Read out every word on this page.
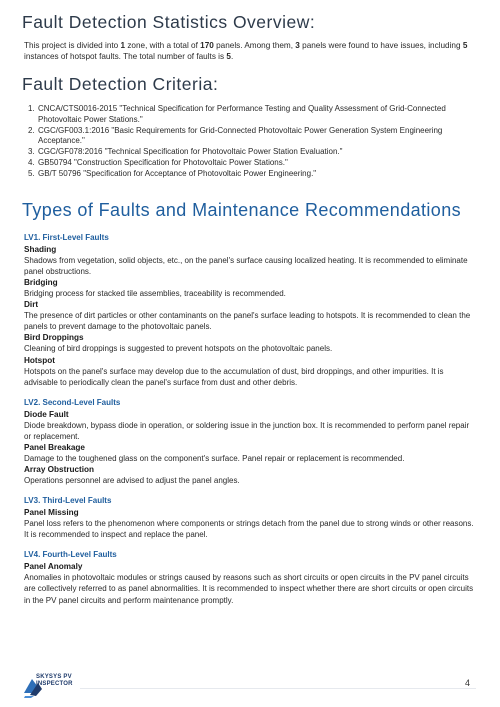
Fault Detection Statistics Overview:

This project is divided into 1 zone, with a total of 170 panels. Among them, 3 panels were found to have issues, including 5 instances of hotspot faults. The total number of faults is 5.

Fault Detection Criteria:
1. CNCA/CTS0016-2015 "Technical Specification for Performance Testing and Quality Assessment of Grid-Connected Photovoltaic Power Stations."
2. CGC/GF003.1:2016 "Basic Requirements for Grid-Connected Photovoltaic Power Generation System Engineering Acceptance."
3. CGC/GF078:2016 "Technical Specification for Photovoltaic Power Station Evaluation."
4. GB50794 "Construction Specification for Photovoltaic Power Stations."
5. GB/T 50796 "Specification for Acceptance of Photovoltaic Power Engineering."
Types of Faults and Maintenance Recommendations

LV1. First-Level Faults

Shading

Shadows from vegetation, solid objects, etc., on the panel's surface causing localized heating. It is recommended to eliminate panel obstructions.

Bridging

Bridging process for stacked tile assemblies, traceability is recommended.

Dirt

The presence of dirt particles or other contaminants on the panel's surface leading to hotspots. It is recommended to clean the panels to prevent damage to the photovoltaic panels.

Bird Droppings

Cleaning of bird droppings is suggested to prevent hotspots on the photovoltaic panels.

Hotspot

Hotspots on the panel's surface may develop due to the accumulation of dust, bird droppings, and other impurities. It is advisable to periodically clean the panel's surface from dust and other debris.

LV2. Second-Level Faults

Diode Fault

Diode breakdown, bypass diode in operation, or soldering issue in the junction box. It is recommended to perform panel repair or replacement.

Panel Breakage

Damage to the toughened glass on the component's surface. Panel repair or replacement is recommended.

Array Obstruction

Operations personnel are advised to adjust the panel angles.

LV3. Third-Level Faults

Panel Missing

Panel loss refers to the phenomenon where components or strings detach from the panel due to strong winds or other reasons. It is recommended to inspect and replace the panel.

LV4. Fourth-Level Faults

Panel Anomaly

Anomalies in photovoltaic modules or strings caused by reasons such as short circuits or open circuits in the PV panel circuits are collectively referred to as panel abnormalities. It is recommended to inspect whether there are short circuits or open circuits in the PV panel circuits and perform maintenance promptly.

SKYSYS PV
INSPECTOR	4
